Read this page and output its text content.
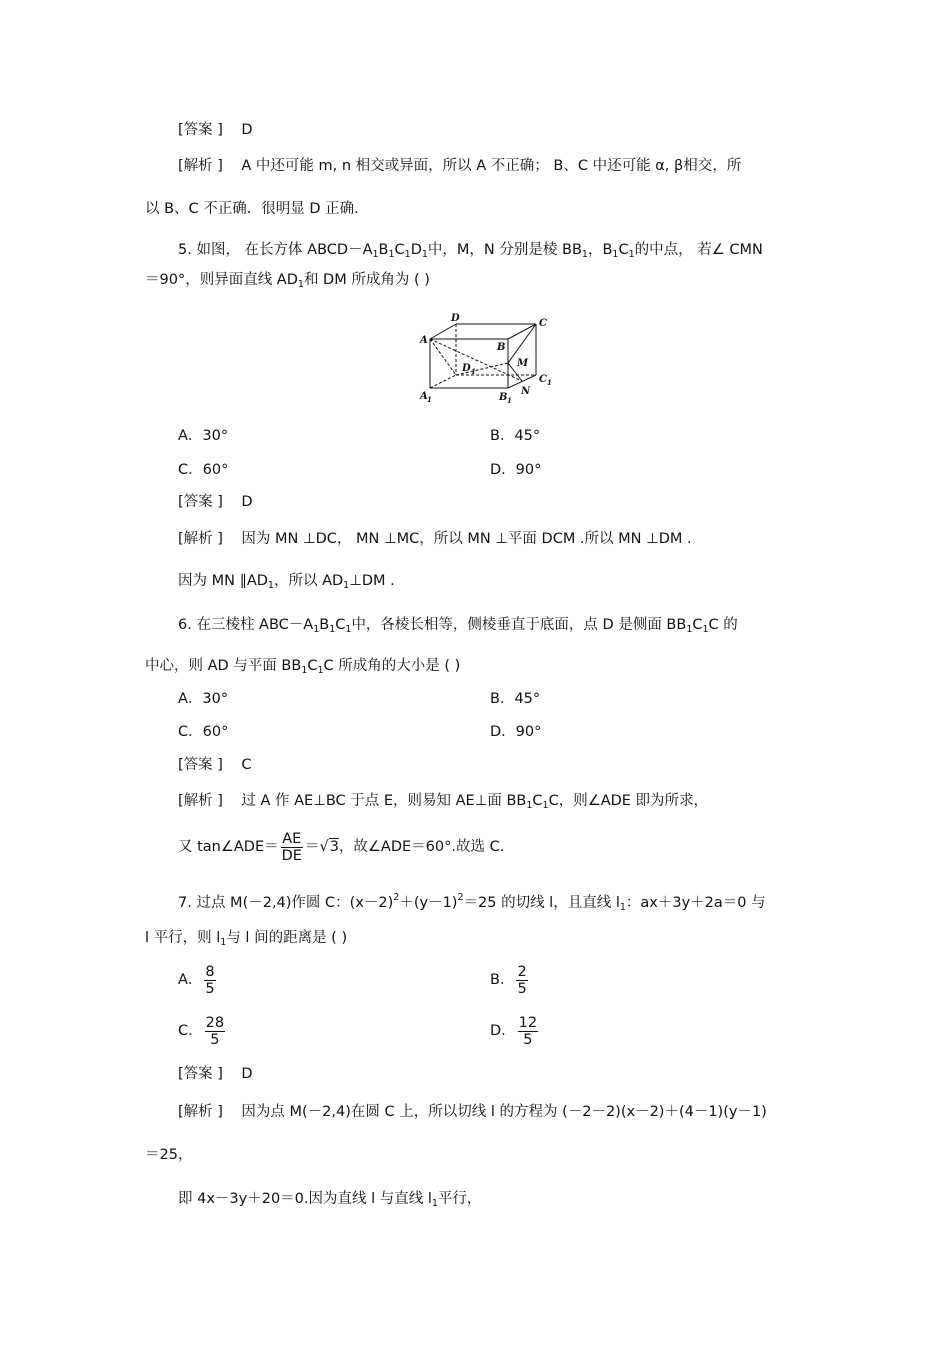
[答案 ] D
[解析 ] A 中还可能 m, n 相交或异面，所以 A 不正确； B、C 中还可能 α, β相交，所
以 B、C 不正确．很明显 D 正确.
5. 如图， 在长方体 $ABCD-A_1B_1C_1D_1$中，M，N 分别是棱 $BB_1$，$B_1C_1$的中点， 若∠ CMN
＝90°，则异面直线 $AD_1$和 DM 所成角为 ( )
A
D	C
B
M
N
D 1
A 1	B 1
C 1
A．30°	B．45°
C．60°	D．90°
[答案 ] D
[解析 ] 因为 MN ⊥DC， MN ⊥MC，所以 MN ⊥平面 DCM .所以 MN ⊥DM .
因为 MN $\parallel AD_1$，所以 $AD_1\perp DM$ .
6. 在三棱柱 $ABC-A_1B_1C_1$中，各棱长相等，侧棱垂直于底面，点 D 是侧面 $BB_1C_1C$ 的
中心，则 AD 与平面 $BB_1C_1C$ 所成角的大小是 ( )
A．30°	B．45°
C．60°	D．90°
[答案 ] C
[解析 ] 过 A 作 AE⊥BC 于点 E，则易知 AE⊥面 $BB_1C_1C$，则∠ADE 即为所求，
又 tan∠ADE＝ $\frac{AE}{DE} =√3$，故∠ADE＝60°.故选 C.
7. 过点 M(－2,4)作圆 C：$(x-2)^2+(y-1)^2=25$ 的切线 l，且直线 $l_1$：ax＋3y＋2a＝0 与
l 平行，则 $l_1$与 l 间的距离是 ( )
A． $\frac{8}{5}$	B． $\frac{2}{5}$
C． $\frac{28}{5}$	D． $\frac{12}{5}$
[答案 ] D
[解析 ] 因为点 M(－2,4)在圆 C 上，所以切线 l 的方程为 (－2－2)(x－2)＋(4－1)(y－1)
＝25，
即 4x－3y＋20＝0.因为直线 l 与直线 $l_1$平行，
